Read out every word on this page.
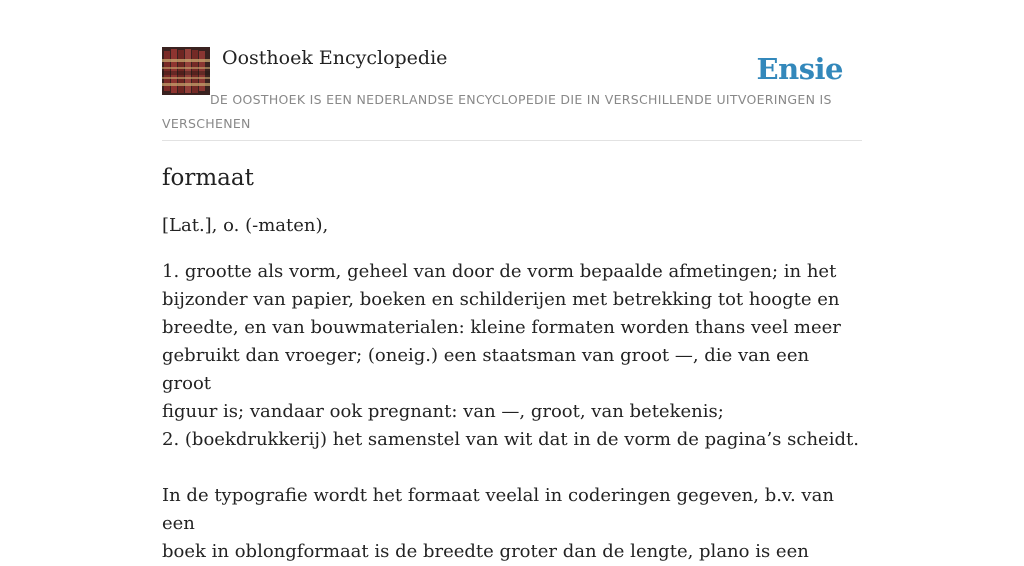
Oosthoek Encyclopedie	Ensie

DE OOSTHOEK IS EEN NEDERLANDSE ENCYCLOPEDIE DIE IN VERSCHILLENDE UITVOERINGEN IS VERSCHENEN

formaat

[Lat.], o. (-maten),

1. grootte als vorm, geheel van door de vorm bepaalde afmetingen; in het
bijzonder van papier, boeken en schilderijen met betrekking tot hoogte en
breedte, en van bouwmaterialen: kleine formaten worden thans veel meer
gebruikt dan vroeger; (oneig.) een staatsman van groot —, die van een groot
figuur is; vandaar ook pregnant: van —, groot, van betekenis;
2. (boekdrukkerij) het samenstel van wit dat in de vorm de pagina’s scheidt.
In de typografie wordt het formaat veelal in coderingen gegeven, b.v. van een
boek in oblongformaat is de breedte groter dan de lengte, plano is een
